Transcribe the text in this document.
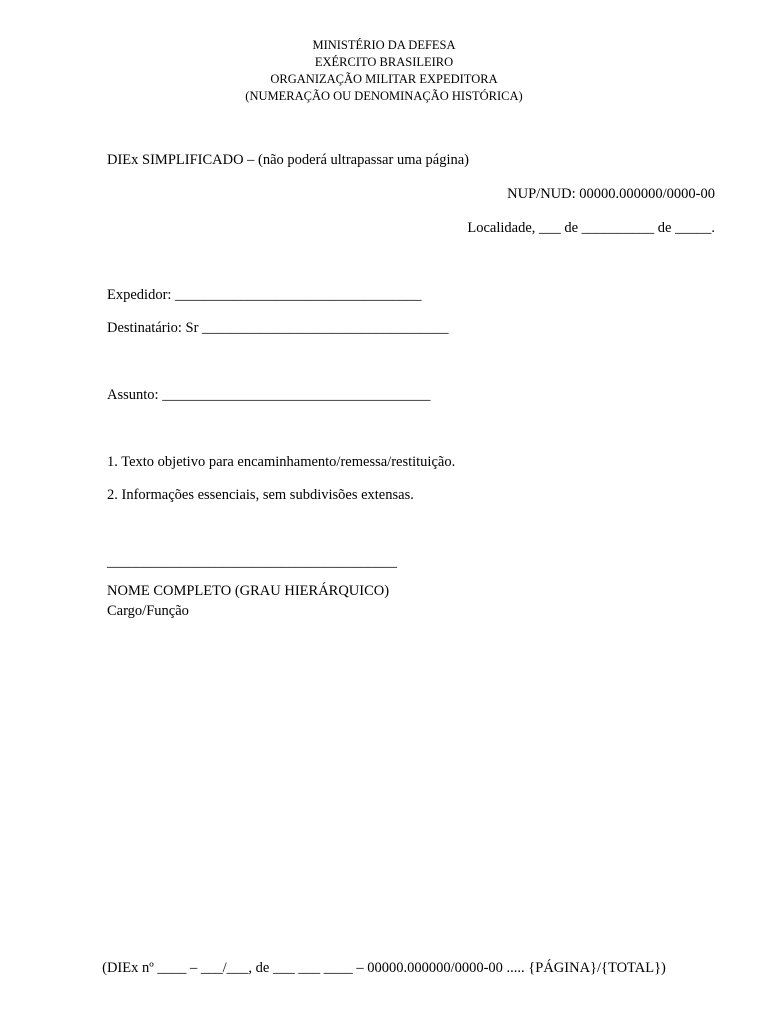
MINISTÉRIO DA DEFESA
EXÉRCITO BRASILEIRO
ORGANIZAÇÃO MILITAR EXPEDITORA
(NUMERAÇÃO OU DENOMINAÇÃO HISTÓRICA)
DIEx SIMPLIFICADO – (não poderá ultrapassar uma página)
NUP/NUD: 00000.000000/0000-00
Localidade, ___ de __________ de _____.
Expedidor: __________________________________
Destinatário: Sr __________________________________
Assunto: _____________________________________
1. Texto objetivo para encaminhamento/remessa/restituição.
2. Informações essenciais, sem subdivisões extensas.
________________________________________
NOME COMPLETO (GRAU HIERÁRQUICO)
Cargo/Função
(DIEx nº ____ – ___/___, de ___ ___ ____ – 00000.000000/0000-00 ..... {PÁGINA}/{TOTAL})
